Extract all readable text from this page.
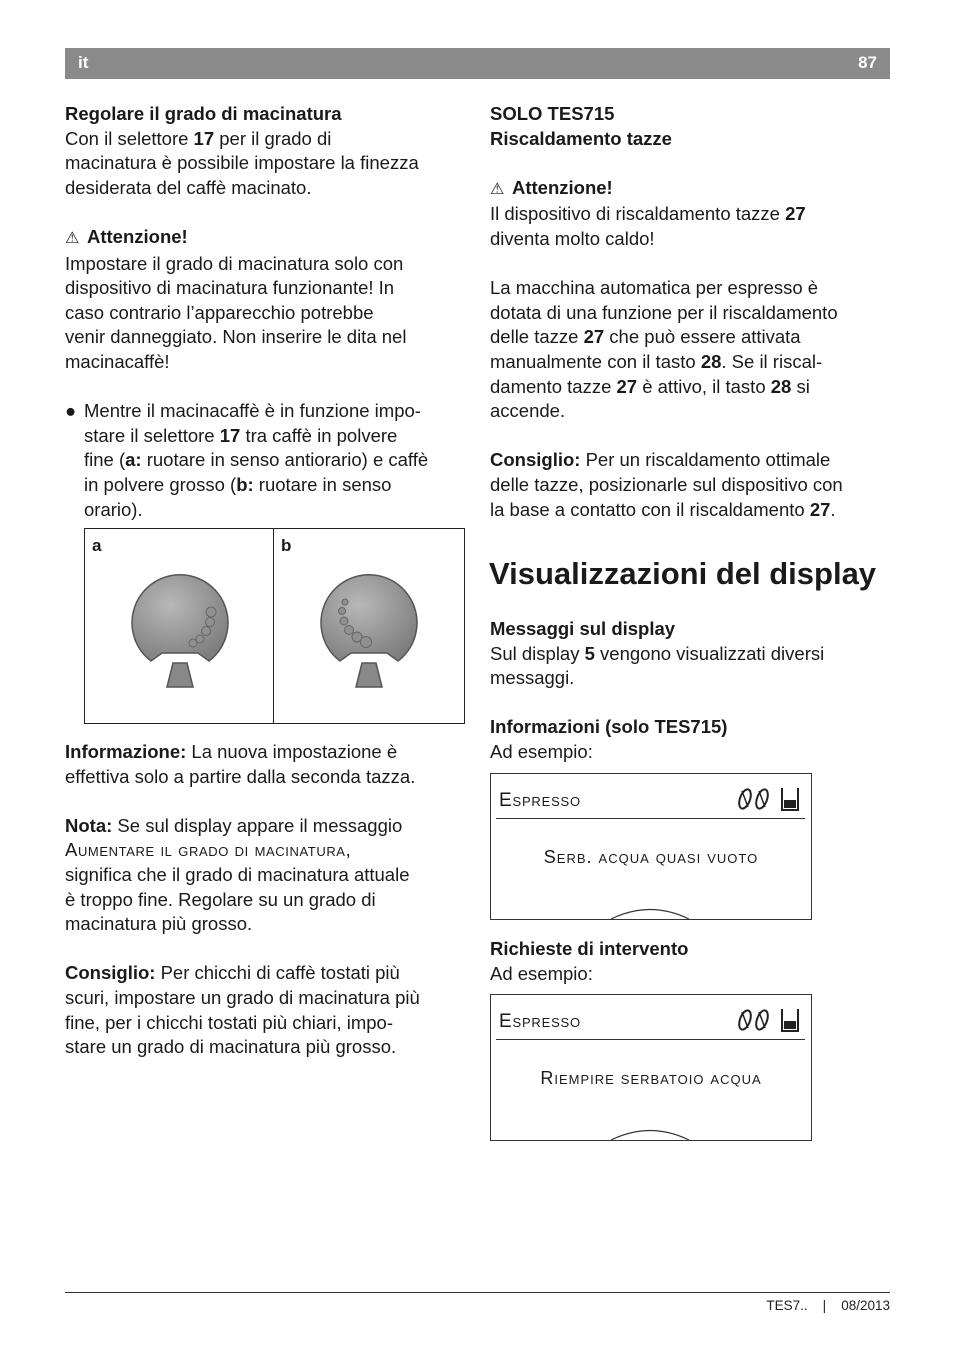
it	87

Regolare il grado di macinatura

Con il selettore 17 per il grado di

macinatura è possibile impostare la finezza

desiderata del caffè macinato.

⚠ Attenzione!

Impostare il grado di macinatura solo con

dispositivo di macinatura funzionante! In

caso contrario l’apparecchio potrebbe

venir danneggiato. Non inserire le dita nel

macinacaffè!

● Mentre il macinacaffè è in funzione impo-

stare il selettore 17 tra caffè in polvere

fine (a: ruotare in senso antiorario) e caffè

in polvere grosso (b: ruotare in senso

orario).

a	b

Informazione: La nuova impostazione è

effettiva solo a partire dalla seconda tazza.

Nota: Se sul display appare il messaggio

Aumentare il grado di macinatura,

significa che il grado di macinatura attuale

è troppo fine. Regolare su un grado di

macinatura più grosso.

Consiglio: Per chicchi di caffè tostati più

scuri, impostare un grado di macinatura più

fine, per i chicchi tostati più chiari, impo-

stare un grado di macinatura più grosso.

SOLO TES715

Riscaldamento tazze

⚠ Attenzione!

Il dispositivo di riscaldamento tazze 27

diventa molto caldo!

La macchina automatica per espresso è

dotata di una funzione per il riscaldamento

delle tazze 27 che può essere attivata

manualmente con il tasto 28. Se il riscal-

damento tazze 27 è attivo, il tasto 28 si

accende.

Consiglio: Per un riscaldamento ottimale

delle tazze, posizionarle sul dispositivo con

la base a contatto con il riscaldamento 27.

Visualizzazioni del display

Messaggi sul display

Sul display 5 vengono visualizzati diversi

messaggi.

Informazioni (solo TES715)

Ad esempio:

Espresso
Serb. acqua quasi vuoto

Richieste di intervento

Ad esempio:

Espresso
Riempire serbatoio acqua
TES7.. | 08/2013
